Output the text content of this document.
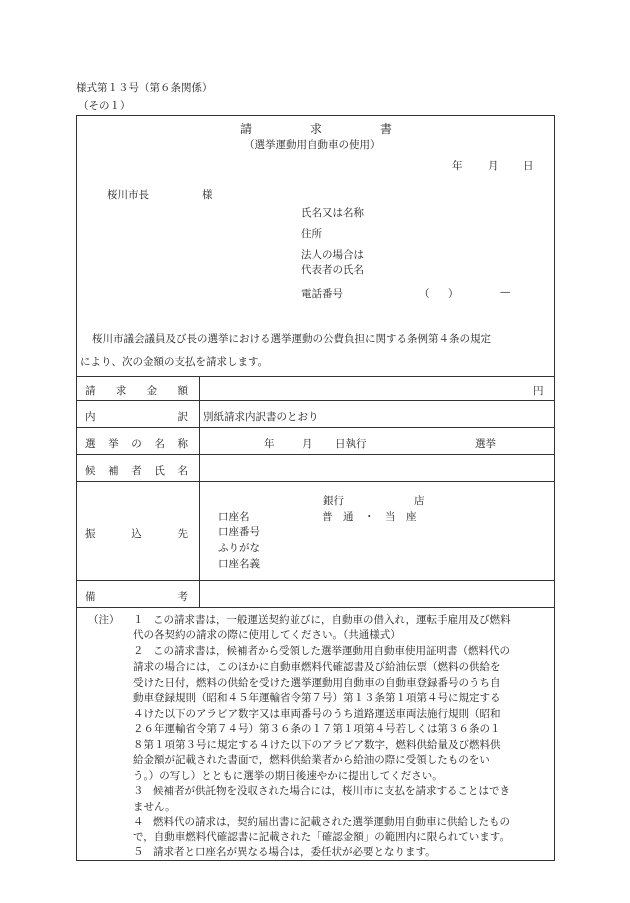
様式第１３号（第６条関係）
（その１）
請	求	書
（選挙運動用自動車の使用）
年 月 日
桜川市長	様
氏名又は名称
住所
法人の場合は
代表者の氏名
電話番号	（ ）	—
桜川市議会議員及び長の選挙における選挙運動の公費負担に関する条例第４条の規定
により、次の金額の支払を請求します。
請 求 金 額	円
内	訳 別紙請求内訳書のとおり
選 挙 の 名 称	年	月 日執行	選挙
候 補 者 氏 名
振	込	先
銀行	店
口座名	普　通　・　当　座
口座番号
ふりがな
口座名義
備	考
（注） １ この請求書は，一般運送契約並びに，自動車の借入れ，運転手雇用及び燃料
代の各契約の請求の際に使用してください。（共通様式）
２ この請求書は，候補者から受領した選挙運動用自動車使用証明書（燃料代の
請求の場合には，このほかに自動車燃料代確認書及び給油伝票（燃料の供給を
受けた日付，燃料の供給を受けた選挙運動用自動車の自動車登録番号のうち自
動車登録規則（昭和４５年運輸省令第７号）第１３条第１項第４号に規定する
４けた以下のアラビア数字又は車両番号のうち道路運送車両法施行規則（昭和
２６年運輸省令第７４号）第３６条の１７第１項第４号若しくは第３６条の１
８第１項第３号に規定する４けた以下のアラビア数字，燃料供給量及び燃料供
給金額が記載された書面で，燃料供給業者から給油の際に受領したものをい
う。）の写し）とともに選挙の期日後速やかに提出してください。
３ 候補者が供託物を没収された場合には，桜川市に支払を請求することはでき
ません。
４ 燃料代の請求は，契約届出書に記載された選挙運動用自動車に供給したもの
で，自動車燃料代確認書に記載された「確認金額」の範囲内に限られています。
５ 請求者と口座名が異なる場合は，委任状が必要となります。
